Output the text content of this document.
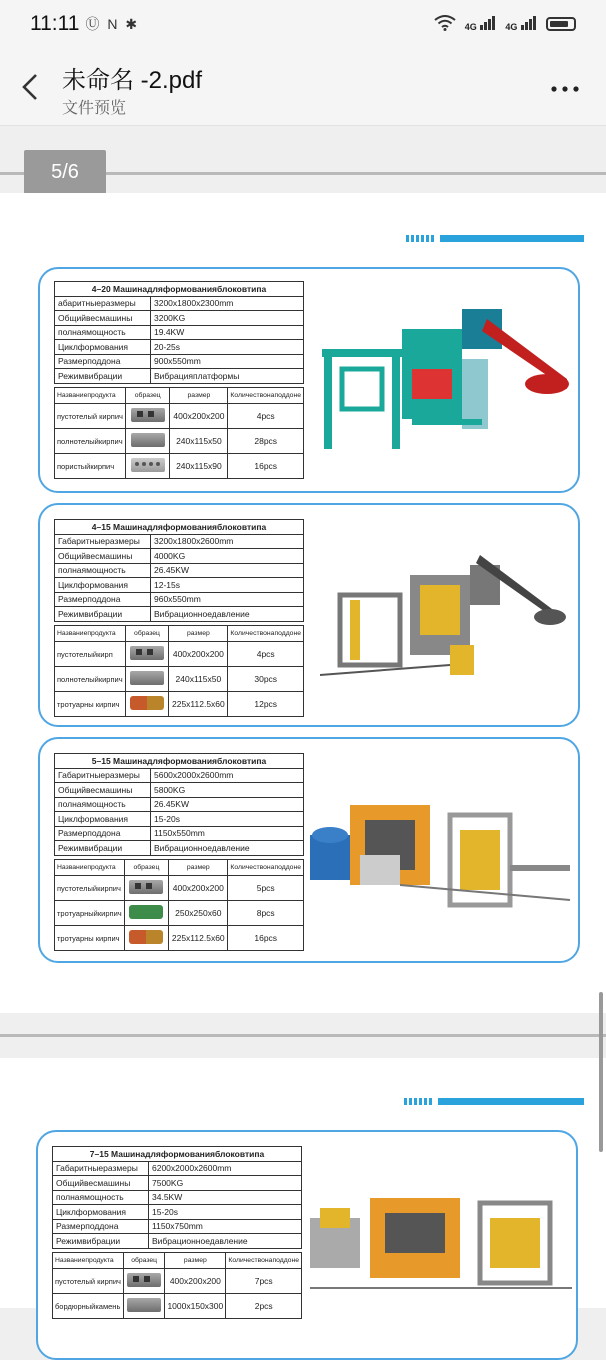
11:11 Ⓤ N ✱	4G	4G
未命名 -2.pdf
文件预览
5/6
4–20 Машинадляформованияблоковтипа	
абаритныеразмеры	3200x1800x2300mm
Общийвесмашины	3200KG
полнаямощность	19.4KW
Циклформования	20-25s
Размерподдона	900x550mm
Режимвибрации	Вибрацияплатформы
Названиепродукта	образец	размер	Количествонаподдоне
пустотелый кирпич		400x200x200	4pcs
полнотелыйкирпич		240x115x50	28pcs
пористыйкирпич		240x115x90	16pcs
4–15 Машинадляформованияблоковтипа	
Габаритныеразмеры	3200x1800x2600mm
Общийвесмашины	4000KG
полнаямощность	26.45KW
Циклформования	12-15s
Размерподдона	960x550mm
Режимвибрации	Вибрационноедавление
Названиепродукта	образец	размер	Количествонаподдоне
пустотелыйкирп		400x200x200	4pcs
полнотелыйкирпич		240x115x50	30pcs
тротуарны кирпич		225x112.5x60	12pcs
5–15 Машинадляформованияблоковтипа	
Габаритныеразмеры	5600x2000x2600mm
Общийвесмашины	5800KG
полнаямощность	26.45KW
Циклформования	15-20s
Размерподдона	1150x550mm
Режимвибрации	Вибрационноедавление
Названиепродукта	образец	размер	Количествонаподдоне
пустотелыйкирпич		400x200x200	5pcs
тротуарныйкирпич		250x250x60	8pcs
тротуарны кирпич		225x112.5x60	16pcs
7–15 Машинадляформованияблоковтипа	
Габаритныеразмеры	6200x2000x2600mm
Общийвесмашины	7500KG
полнаямощность	34.5KW
Циклформования	15-20s
Размерподдона	1150x750mm
Режимвибрации	Вибрационноедавление
Названиепродукта	образец	размер	Количествонаподдоне
пустотелый кирпич		400x200x200	7pcs
бордюрныйкамень		1000x150x300	2pcs
